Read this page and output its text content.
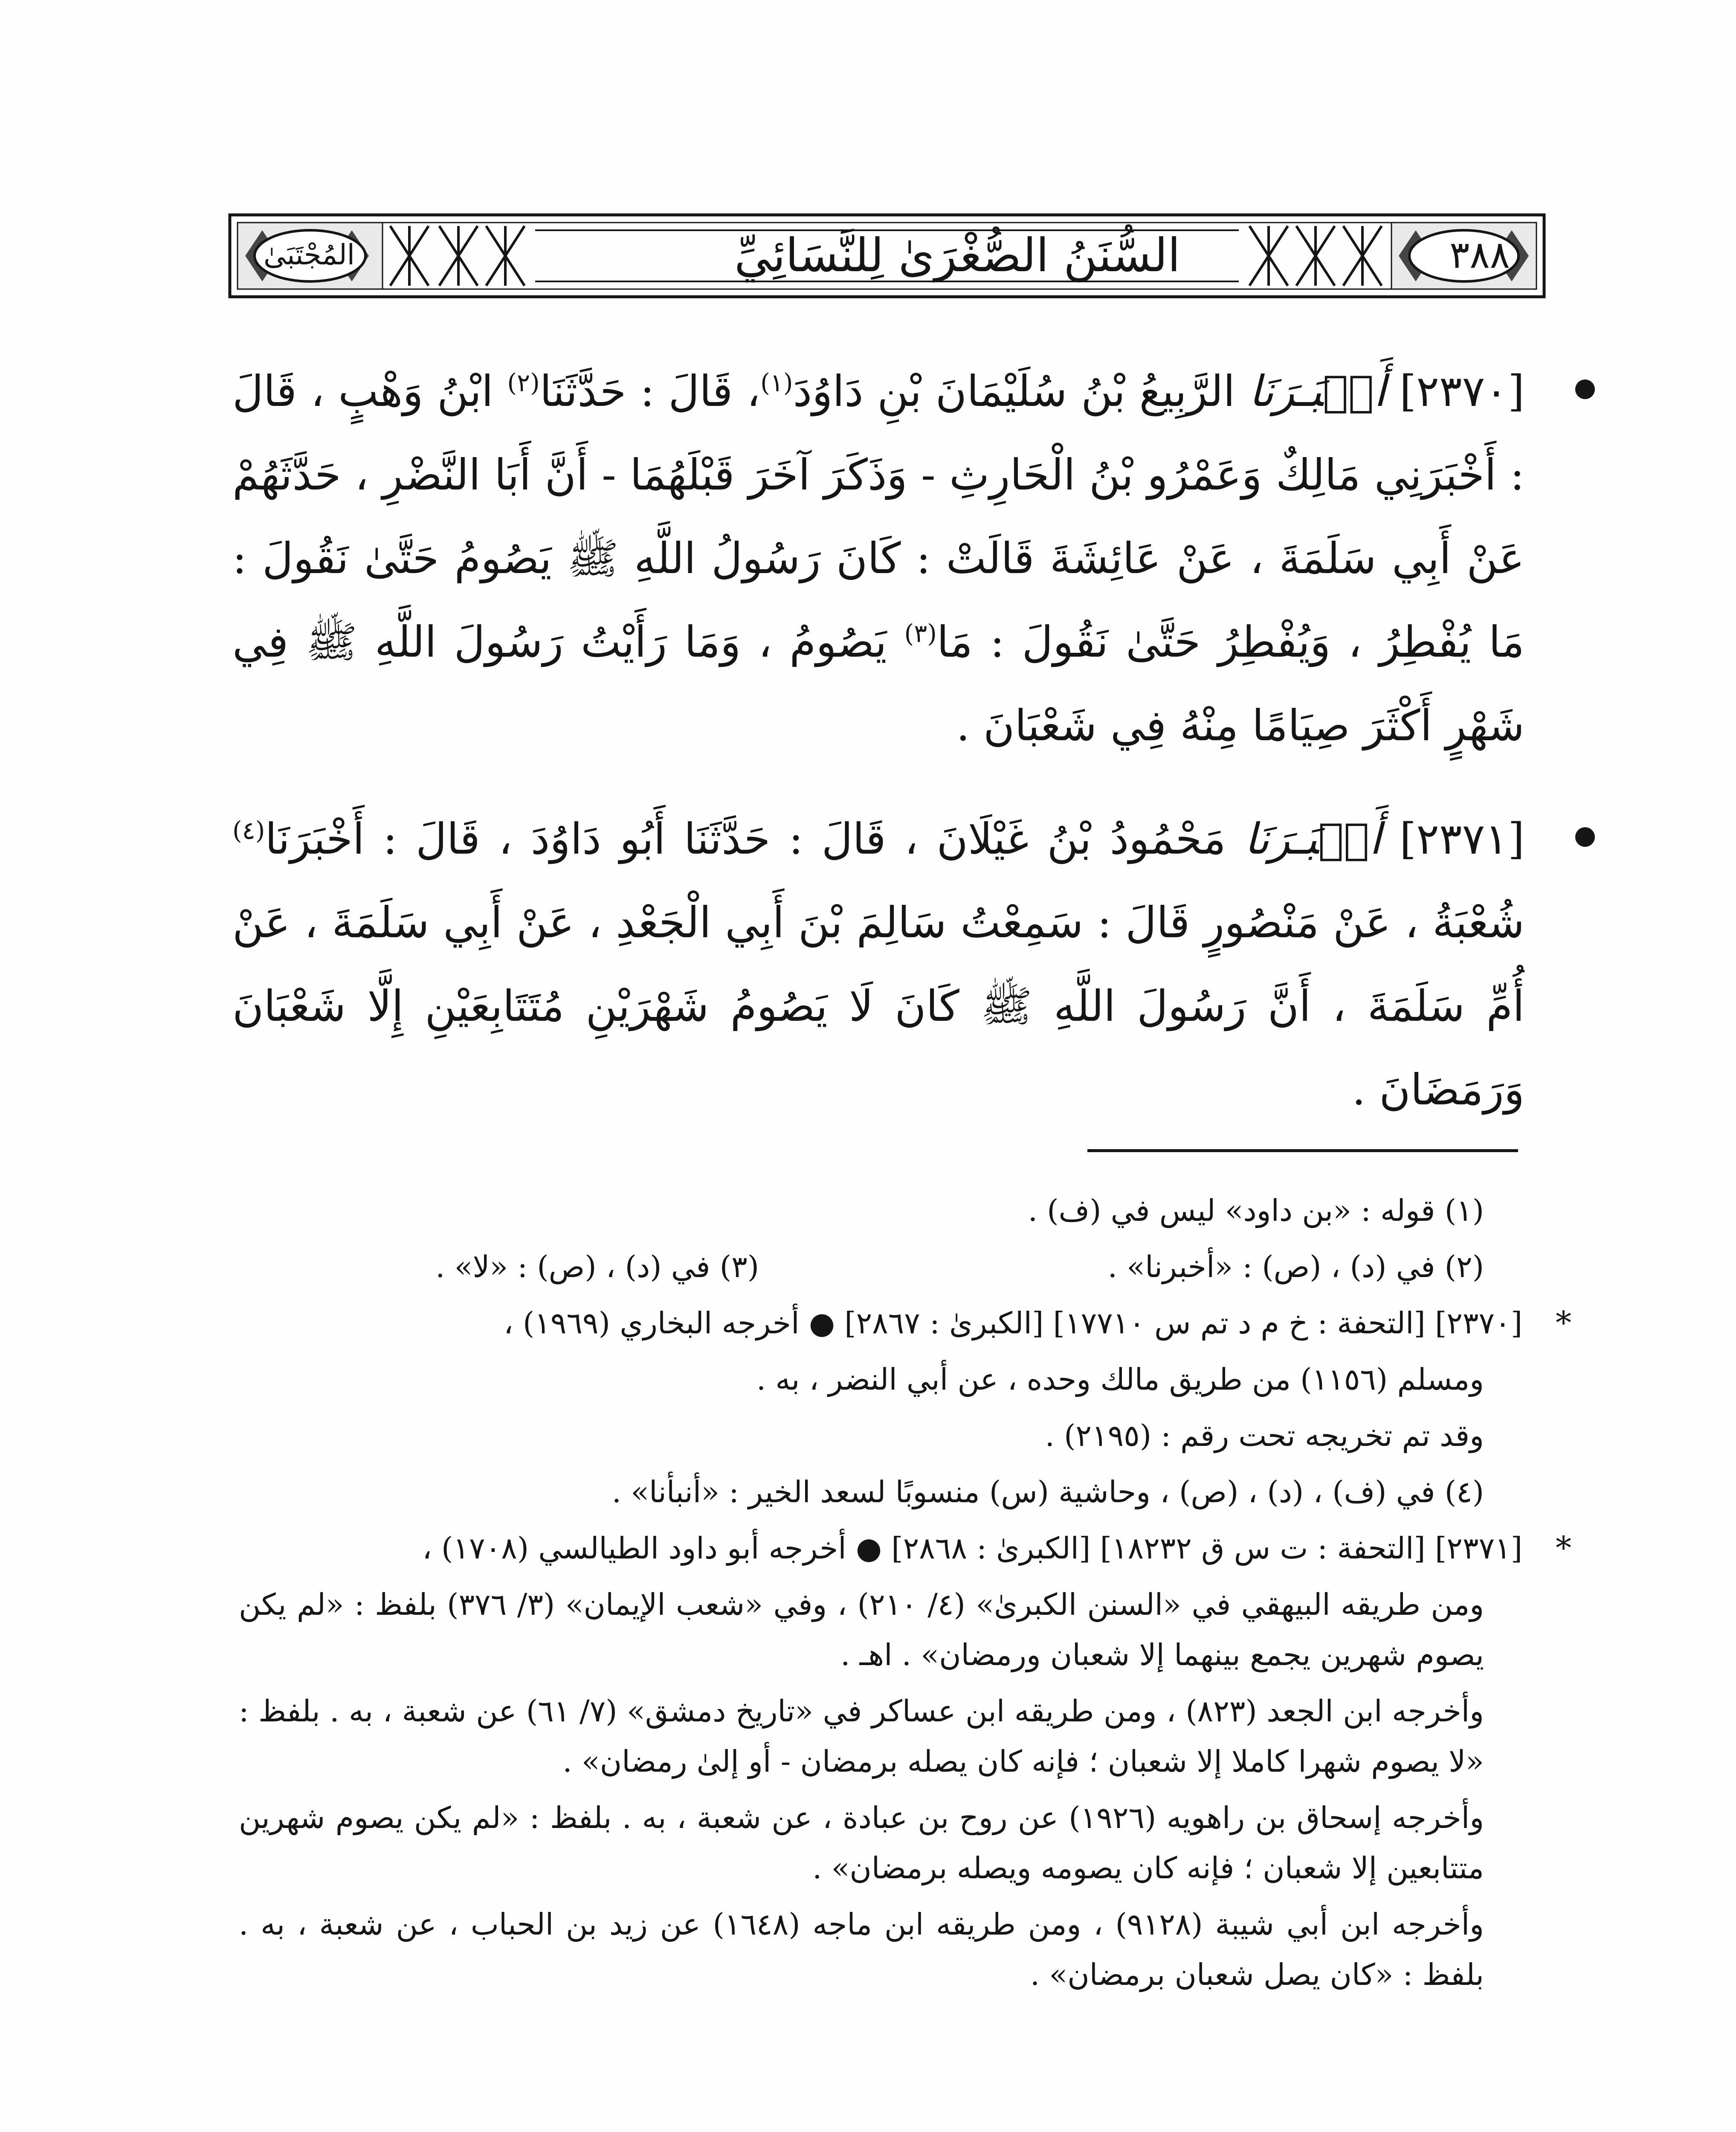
٣٨٨
السُّنَنُ الصُّغْرَىٰ لِلنَّسَائِيِّ
المُجْتَبَىٰ
[٢٣٧٠] أَخۡبَـرَنَا الرَّبِيعُ بْنُ سُلَيْمَانَ بْنِ دَاوُدَ$^{(١)}$، قَالَ : حَدَّثَنَا$^{(٢)}$ ابْنُ وَهْبٍ ، قَالَ : أَخْبَرَنِي مَالِكٌ وَعَمْرُو بْنُ الْحَارِثِ - وَذَكَرَ آخَرَ قَبْلَهُمَا - أَنَّ أَبَا النَّضْرِ ، حَدَّثَهُمْ عَنْ أَبِي سَلَمَةَ ، عَنْ عَائِشَةَ قَالَتْ : كَانَ رَسُولُ اللَّهِ ﷺ يَصُومُ حَتَّىٰ نَقُولَ : مَا يُفْطِرُ ، وَيُفْطِرُ حَتَّىٰ نَقُولَ : مَا$^{(٣)}$ يَصُومُ ، وَمَا رَأَيْتُ رَسُولَ اللَّهِ ﷺ فِي شَهْرٍ أَكْثَرَ صِيَامًا مِنْهُ فِي شَعْبَانَ .
[٢٣٧١] أَخۡبَـرَنَا مَحْمُودُ بْنُ غَيْلَانَ ، قَالَ : حَدَّثَنَا أَبُو دَاوُدَ ، قَالَ : أَخْبَرَنَا$^{(٤)}$ شُعْبَةُ ، عَنْ مَنْصُورٍ قَالَ : سَمِعْتُ سَالِمَ بْنَ أَبِي الْجَعْدِ ، عَنْ أَبِي سَلَمَةَ ، عَنْ أُمِّ سَلَمَةَ ، أَنَّ رَسُولَ اللَّهِ ﷺ كَانَ لَا يَصُومُ شَهْرَيْنِ مُتَتَابِعَيْنِ إِلَّا شَعْبَانَ وَرَمَضَانَ .

(١) قوله : «بن داود» ليس في (ف) .

(٢) في (د) ، (ص) : «أخبرنا» .

(٣) في (د) ، (ص) : «لا» .

*
[٢٣٧٠] [التحفة : خ م د تم س ١٧٧١٠] [الكبرىٰ : ٢٨٦٧] ● أخرجه البخاري (١٩٦٩) ،

ومسلم (١١٥٦) من طريق مالك وحده ، عن أبي النضر ، به .

وقد تم تخريجه تحت رقم : (٢١٩٥) .

(٤) في (ف) ، (د) ، (ص) ، وحاشية (س) منسوبًا لسعد الخير : «أنبأنا» .

*
[٢٣٧١] [التحفة : ت س ق ١٨٢٣٢] [الكبرىٰ : ٢٨٦٨] ● أخرجه أبو داود الطيالسي (١٧٠٨) ،

ومن طريقه البيهقي في «السنن الكبرىٰ» (٤/ ٢١٠) ، وفي «شعب الإيمان» (٣/ ٣٧٦) بلفظ : «لم يكن يصوم شهرين يجمع بينهما إلا شعبان ورمضان» . اهـ .

وأخرجه ابن الجعد (٨٢٣) ، ومن طريقه ابن عساكر في «تاريخ دمشق» (٧/ ٦١) عن شعبة ، به . بلفظ : «لا يصوم شهرا كاملا إلا شعبان ؛ فإنه كان يصله برمضان - أو إلىٰ رمضان» .

وأخرجه إسحاق بن راهويه (١٩٢٦) عن روح بن عبادة ، عن شعبة ، به . بلفظ : «لم يكن يصوم شهرين متتابعين إلا شعبان ؛ فإنه كان يصومه ويصله برمضان» .

وأخرجه ابن أبي شيبة (٩١٢٨) ، ومن طريقه ابن ماجه (١٦٤٨) عن زيد بن الحباب ، عن شعبة ، به . بلفظ : «كان يصل شعبان برمضان» .
